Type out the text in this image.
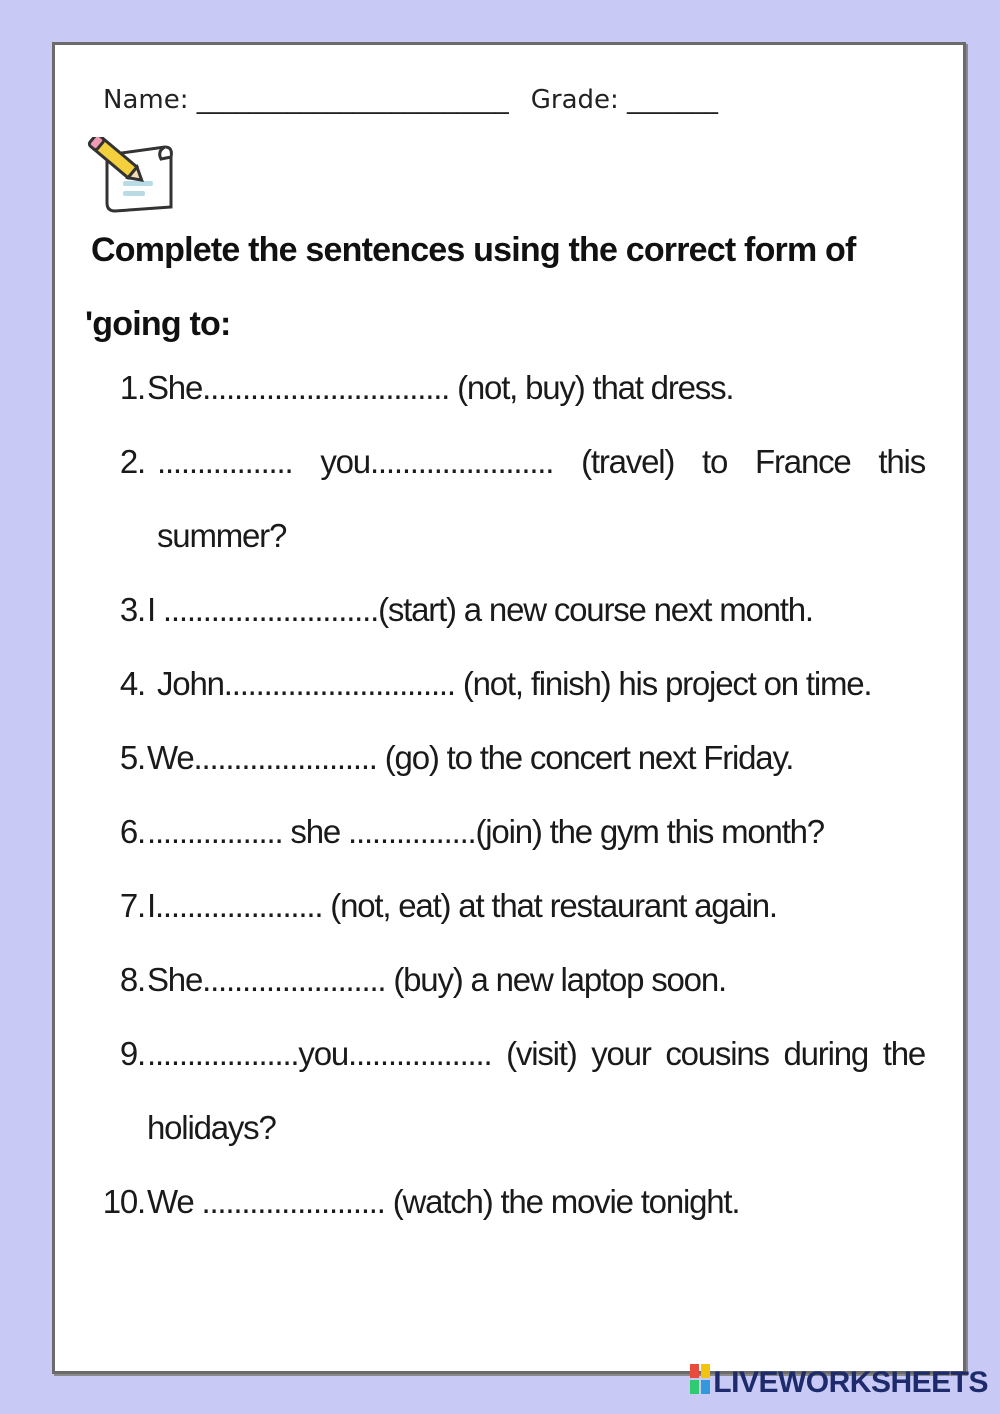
Name: ________________________ Grade: _______
Complete the sentences using the correct form of
'going to:
1. She............................... (not, buy) that dress.
2. ................. you....................... (travel) to France this summer?
3. I ...........................(start) a new course next month.
4. John............................. (not, finish) his project on time.
5. We....................... (go) to the concert next Friday.
6. ................. she ................(join) the gym this month?
7. I..................... (not, eat) at that restaurant again.
8. She....................... (buy) a new laptop soon.
9. ...................you.................. (visit) your cousins during the holidays?
10. We ....................... (watch) the movie tonight.
LIVEWORKSHEETS
